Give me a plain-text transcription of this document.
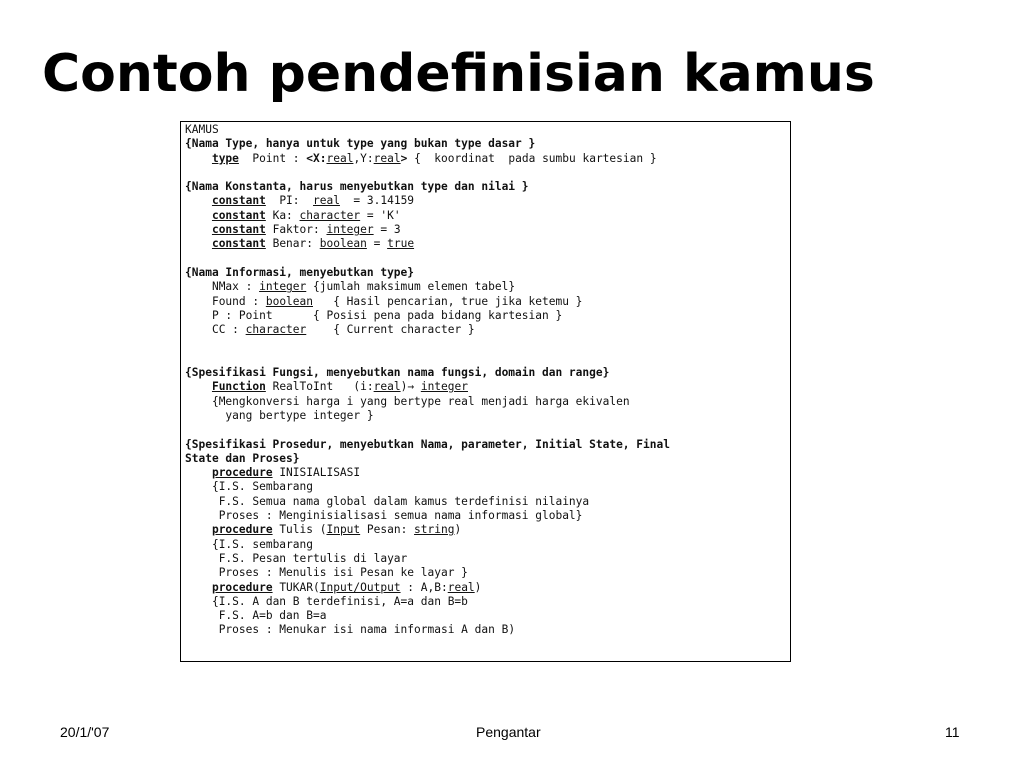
Contoh pendefinisian kamus
KAMUS
{Nama Type, hanya untuk type yang bukan type dasar }
type  Point : <X:real,Y:real> {  koordinat  pada sumbu kartesian }
{Nama Konstanta, harus menyebutkan type dan nilai }
constant  PI:  real  = 3.14159
constant Ka: character = 'K'
constant Faktor: integer = 3
constant Benar: boolean = true
{Nama Informasi, menyebutkan type}
NMax : integer {jumlah maksimum elemen tabel}
Found : boolean   { Hasil pencarian, true jika ketemu }
P : Point      { Posisi pena pada bidang kartesian }
CC : character    { Current character }
{Spesifikasi Fungsi, menyebutkan nama fungsi, domain dan range}
Function RealToInt   (i:real)→ integer
{Mengkonversi harga i yang bertype real menjadi harga ekivalen
yang bertype integer }
{Spesifikasi Prosedur, menyebutkan Nama, parameter, Initial State, Final
State dan Proses}
procedure INISIALISASI
{I.S. Sembarang
F.S. Semua nama global dalam kamus terdefinisi nilainya
Proses : Menginisialisasi semua nama informasi global}
procedure Tulis (Input Pesan: string)
{I.S. sembarang
F.S. Pesan tertulis di layar
Proses : Menulis isi Pesan ke layar }
procedure TUKAR(Input/Output : A,B:real)
{I.S. A dan B terdefinisi, A=a dan B=b
F.S. A=b dan B=a
Proses : Menukar isi nama informasi A dan B)
20/1/'07	Pengantar	11
